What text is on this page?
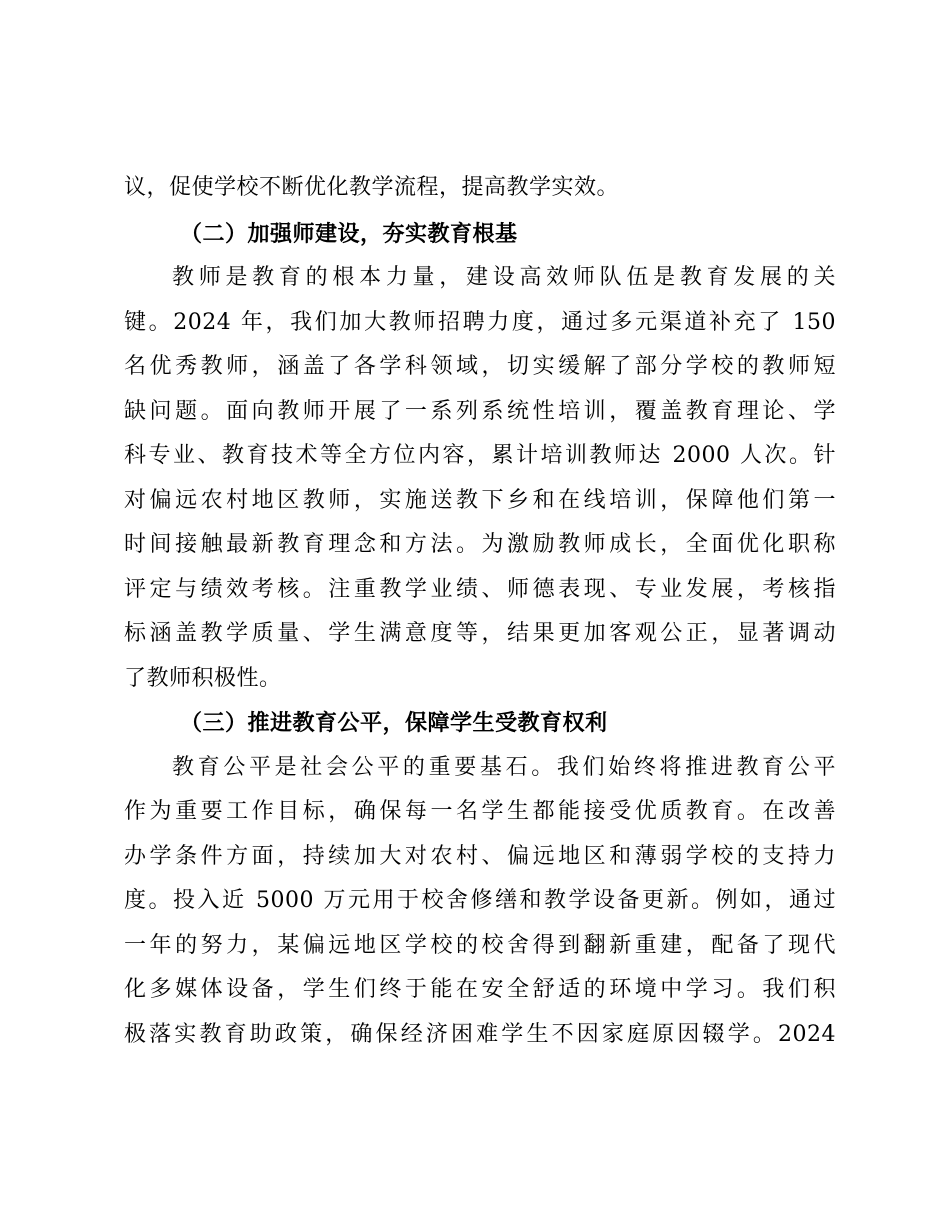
议，促使学校不断优化教学流程，提高教学实效。
（二）加强师建设，夯实教育根基
教师是教育的根本力量，建设高效师队伍是教育发展的关
键。2024 年，我们加大教师招聘力度，通过多元渠道补充了 150
名优秀教师，涵盖了各学科领域，切实缓解了部分学校的教师短
缺问题。面向教师开展了一系列系统性培训，覆盖教育理论、学
科专业、教育技术等全方位内容，累计培训教师达 2000 人次。针
对偏远农村地区教师，实施送教下乡和在线培训，保障他们第一
时间接触最新教育理念和方法。为激励教师成长，全面优化职称
评定与绩效考核。注重教学业绩、师德表现、专业发展，考核指
标涵盖教学质量、学生满意度等，结果更加客观公正，显著调动
了教师积极性。
（三）推进教育公平，保障学生受教育权利
教育公平是社会公平的重要基石。我们始终将推进教育公平
作为重要工作目标，确保每一名学生都能接受优质教育。在改善
办学条件方面，持续加大对农村、偏远地区和薄弱学校的支持力
度。投入近 5000 万元用于校舍修缮和教学设备更新。例如，通过
一年的努力，某偏远地区学校的校舍得到翻新重建，配备了现代
化多媒体设备，学生们终于能在安全舒适的环境中学习。我们积
极落实教育助政策，确保经济困难学生不因家庭原因辍学。2024
